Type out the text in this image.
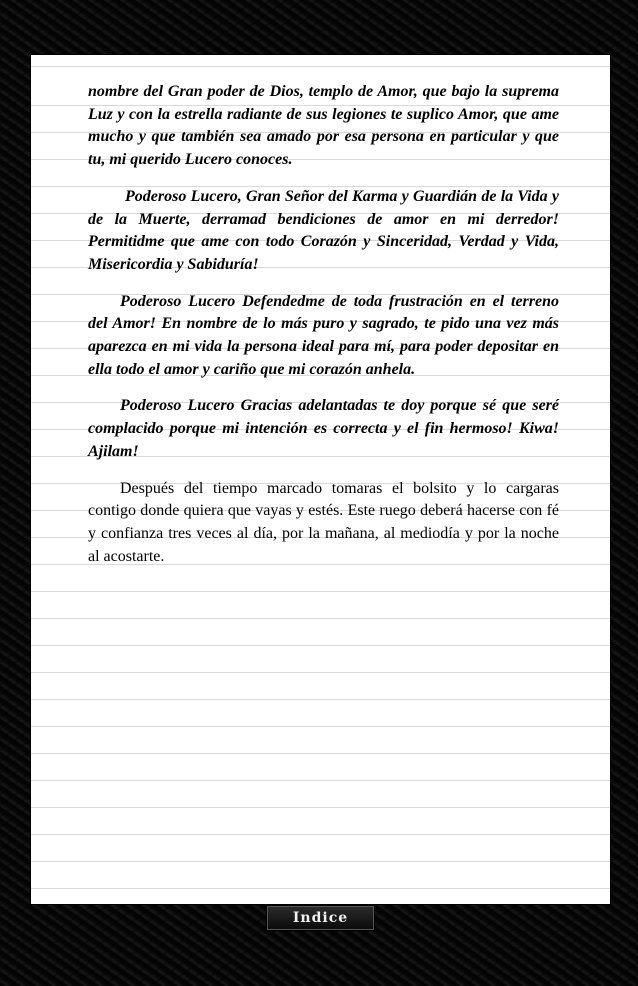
nombre del Gran poder de Dios, templo de Amor, que bajo la suprema Luz y con la estrella radiante de sus legiones te suplico Amor, que ame mucho y que también sea amado por esa persona en particular y que tu, mi querido Lucero conoces.

Poderoso Lucero, Gran Señor del Karma y Guardián de la Vida y de la Muerte, derramad bendiciones de amor en mi derredor! Permitidme que ame con todo Corazón y Sinceridad, Verdad y Vida, Misericordia y Sabiduría!

Poderoso Lucero Defendedme de toda frustración en el terreno del Amor! En nombre de lo más puro y sagrado, te pido una vez más aparezca en mi vida la persona ideal para mí, para poder depositar en ella todo el amor y cariño que mi corazón anhela.

Poderoso Lucero Gracias adelantadas te doy porque sé que seré complacido porque mi intención es correcta y el fin hermoso! Kiwa! Ajilam!

Después del tiempo marcado tomaras el bolsito y lo cargaras contigo donde quiera que vayas y estés. Este ruego deberá hacerse con fé y confianza tres veces al día, por la mañana, al mediodía y por la noche al acostarte.

Indice
